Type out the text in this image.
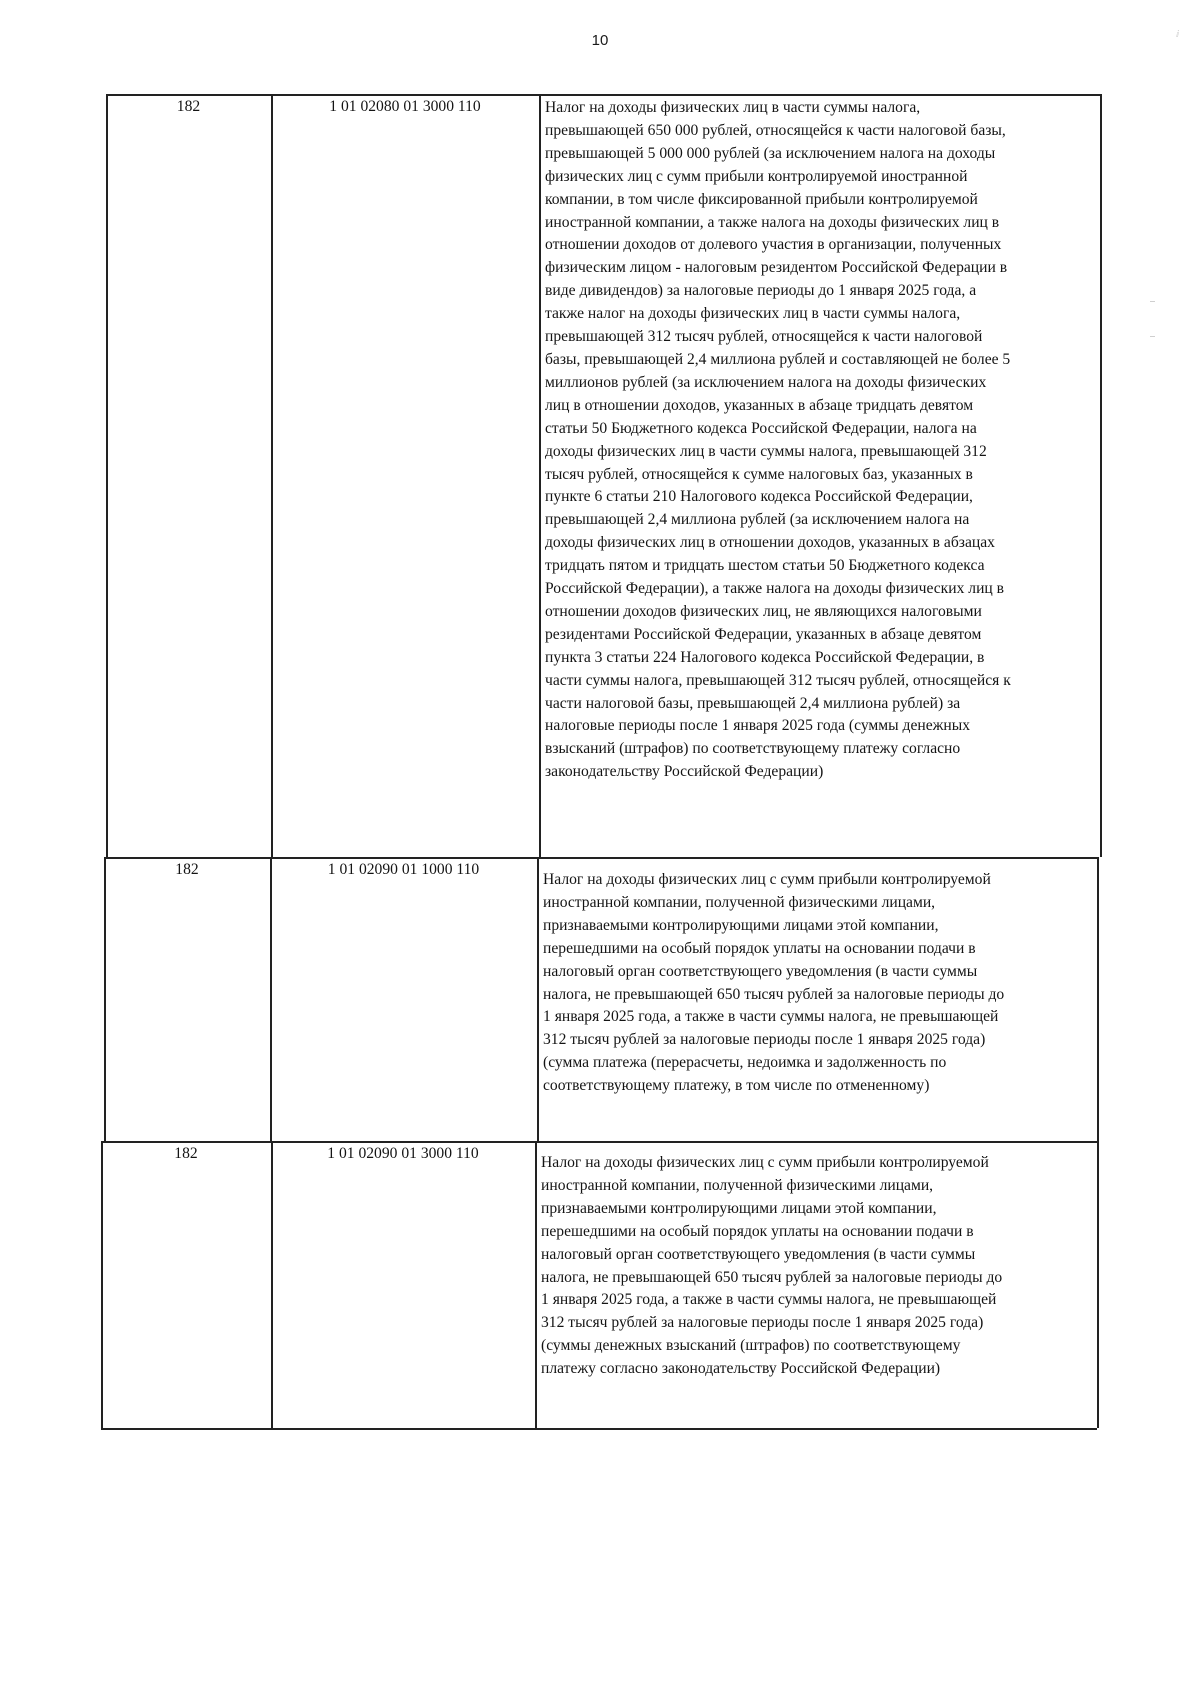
10	ⅈ
182	1 01 02080 01 3000 110	Налог на доходы физических лиц в части суммы налога,
превышающей 650 000 рублей, относящейся к части налоговой базы,
превышающей 5 000 000 рублей (за исключением налога на доходы
физических лиц с сумм прибыли контролируемой иностранной
компании, в том числе фиксированной прибыли контролируемой
иностранной компании, а также налога на доходы физических лиц в
отношении доходов от долевого участия в организации, полученных
физическим лицом - налоговым резидентом Российской Федерации в
виде дивидендов) за налоговые периоды до 1 января 2025 года, а
также налог на доходы физических лиц в части суммы налога,
превышающей 312 тысяч рублей, относящейся к части налоговой
базы, превышающей 2,4 миллиона рублей и составляющей не более 5
миллионов рублей (за исключением налога на доходы физических
лиц в отношении доходов, указанных в абзаце тридцать девятом
статьи 50 Бюджетного кодекса Российской Федерации, налога на
доходы физических лиц в части суммы налога, превышающей 312
тысяч рублей, относящейся к сумме налоговых баз, указанных в
пункте 6 статьи 210 Налогового кодекса Российской Федерации,
превышающей 2,4 миллиона рублей (за исключением налога на
доходы физических лиц в отношении доходов, указанных в абзацах
тридцать пятом и тридцать шестом статьи 50 Бюджетного кодекса
Российской Федерации), а также налога на доходы физических лиц в
отношении доходов физических лиц, не являющихся налоговыми
резидентами Российской Федерации, указанных в абзаце девятом
пункта 3 статьи 224 Налогового кодекса Российской Федерации, в
части суммы налога, превышающей 312 тысяч рублей, относящейся к
части налоговой базы, превышающей 2,4 миллиона рублей) за
налоговые периоды после 1 января 2025 года (суммы денежных
взысканий (штрафов) по соответствующему платежу согласно
законодательству Российской Федерации)
182	1 01 02090 01 1000 110
Налог на доходы физических лиц с сумм прибыли контролируемой
иностранной компании, полученной физическими лицами,
признаваемыми контролирующими лицами этой компании,
перешедшими на особый порядок уплаты на основании подачи в
налоговый орган соответствующего уведомления (в части суммы
налога, не превышающей 650 тысяч рублей за налоговые периоды до
1 января 2025 года, а также в части суммы налога, не превышающей
312 тысяч рублей за налоговые периоды после 1 января 2025 года)
(сумма платежа (перерасчеты, недоимка и задолженность по
соответствующему платежу, в том числе по отмененному)
182	1 01 02090 01 3000 110
Налог на доходы физических лиц с сумм прибыли контролируемой
иностранной компании, полученной физическими лицами,
признаваемыми контролирующими лицами этой компании,
перешедшими на особый порядок уплаты на основании подачи в
налоговый орган соответствующего уведомления (в части суммы
налога, не превышающей 650 тысяч рублей за налоговые периоды до
1 января 2025 года, а также в части суммы налога, не превышающей
312 тысяч рублей за налоговые периоды после 1 января 2025 года)
(суммы денежных взысканий (штрафов) по соответствующему
платежу согласно законодательству Российской Федерации)
